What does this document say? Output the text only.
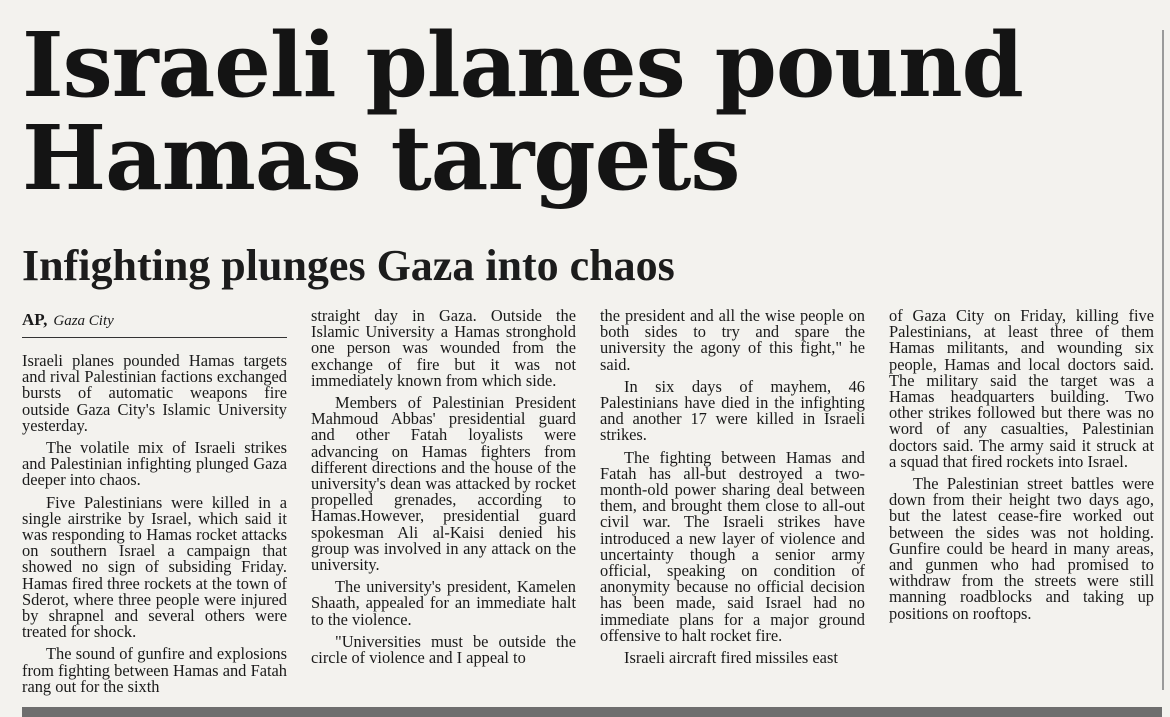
Israeli planes pound Hamas targets
Infighting plunges Gaza into chaos
AP, Gaza City

Israeli planes pounded Hamas targets and rival Palestinian factions exchanged bursts of automatic weapons fire outside Gaza City's Islamic University yesterday.

The volatile mix of Israeli strikes and Palestinian infighting plunged Gaza deeper into chaos.

Five Palestinians were killed in a single airstrike by Israel, which said it was responding to Hamas rocket attacks on southern Israel a campaign that showed no sign of subsiding Friday. Hamas fired three rockets at the town of Sderot, where three people were injured by shrapnel and several others were treated for shock.

The sound of gunfire and explosions from fighting between Hamas and Fatah rang out for the sixth

straight day in Gaza. Outside the Islamic University a Hamas stronghold one person was wounded from the exchange of fire but it was not immediately known from which side.

Members of Palestinian President Mahmoud Abbas' presidential guard and other Fatah loyalists were advancing on Hamas fighters from different directions and the house of the university's dean was attacked by rocket propelled grenades, according to Hamas.However, presidential guard spokesman Ali al-Kaisi denied his group was involved in any attack on the university.

The university's president, Kamelen Shaath, appealed for an immediate halt to the violence.

"Universities must be outside the circle of violence and I appeal to

the president and all the wise people on both sides to try and spare the university the agony of this fight," he said.

In six days of mayhem, 46 Palestinians have died in the infighting and another 17 were killed in Israeli strikes.

The fighting between Hamas and Fatah has all-but destroyed a two-month-old power sharing deal between them, and brought them close to all-out civil war. The Israeli strikes have introduced a new layer of violence and uncertainty though a senior army official, speaking on condition of anonymity because no official decision has been made, said Israel had no immediate plans for a major ground offensive to halt rocket fire.

Israeli aircraft fired missiles east

of Gaza City on Friday, killing five Palestinians, at least three of them Hamas militants, and wounding six people, Hamas and local doctors said. The military said the target was a Hamas headquarters building. Two other strikes followed but there was no word of any casualties, Palestinian doctors said. The army said it struck at a squad that fired rockets into Israel.

The Palestinian street battles were down from their height two days ago, but the latest cease-fire worked out between the sides was not holding. Gunfire could be heard in many areas, and gunmen who had promised to withdraw from the streets were still manning roadblocks and taking up positions on rooftops.
